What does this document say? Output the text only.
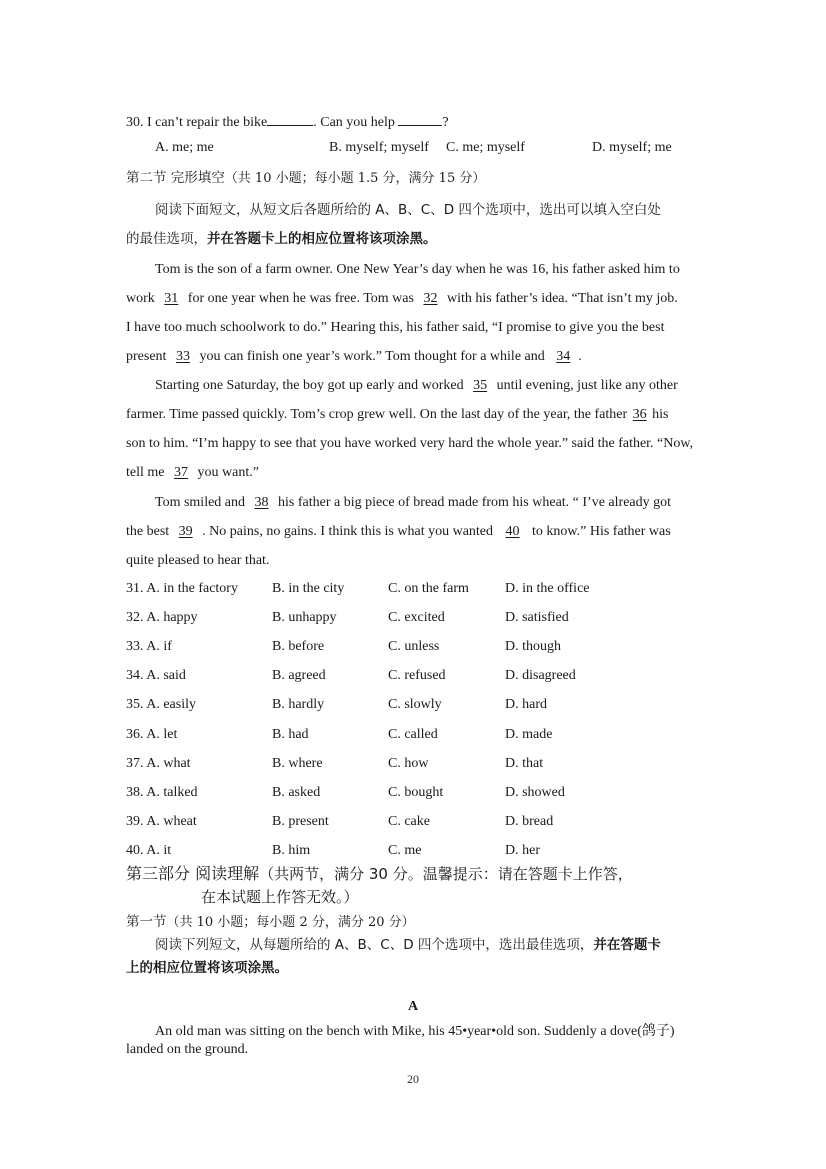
30. I can’t repair the bike	. Can you help	?
A. me; me	B. myself; myself C. me; myself	D. myself; me
第二节 完形填空（共 10 小题；每小题 1.5 分，满分 15 分）
阅读下面短文，从短文后各题所给的 A、B、C、D 四个选项中，选出可以填入空白处
的最佳选项，并在答题卡上的相应位置将该项涂黑。
Tom is the son of a farm owner. One New Year’s day when he was 16, his father asked him to
work 31 for one year when he was free. Tom was 32 with his father’s idea. “That isn’t my job.
I have too much schoolwork to do.” Hearing this, his father said, “I promise to give you the best
present 33 you can finish one year’s work.” Tom thought for a while and 34 .
Starting one Saturday, the boy got up early and worked 35 until evening, just like any other
farmer. Time passed quickly. Tom’s crop grew well. On the last day of the year, the father 36 his
son to him. “I’m happy to see that you have worked very hard the whole year.” said the father. “Now,
tell me 37 you want.”
Tom smiled and 38 his father a big piece of bread made from his wheat. “ I’ve already got
the best 39 . No pains, no gains. I think this is what you wanted 40 to know.” His father was
quite pleased to hear that.
31. A. in the factory B. in the city	C. on the farm	D. in the office
32. A. happy	B. unhappy	C. excited	D. satisfied
33. A. if	B. before	C. unless	D. though
34. A. said	B. agreed	C. refused	D. disagreed
35. A. easily	B. hardly	C. slowly	D. hard
36. A. let	B. had	C. called	D. made
37. A. what	B. where	C. how	D. that
38. A. talked	B. asked	C. bought	D. showed
39. A. wheat	B. present	C. cake	D. bread
40. A. it	B. him	C. me	D. her
第三部分 阅读理解（共两节，满分 30 分。温馨提示：请在答题卡上作答，
在本试题上作答无效。）
第一节（共 10 小题；每小题 2 分，满分 20 分）
阅读下列短文，从每题所给的 A、B、C、D 四个选项中，选出最佳选项，并在答题卡
上的相应位置将该项涂黑。
A
An old man was sitting on the bench with Mike, his 45•year•old son. Suddenly a dove(鸽子)
landed on the ground.
20
